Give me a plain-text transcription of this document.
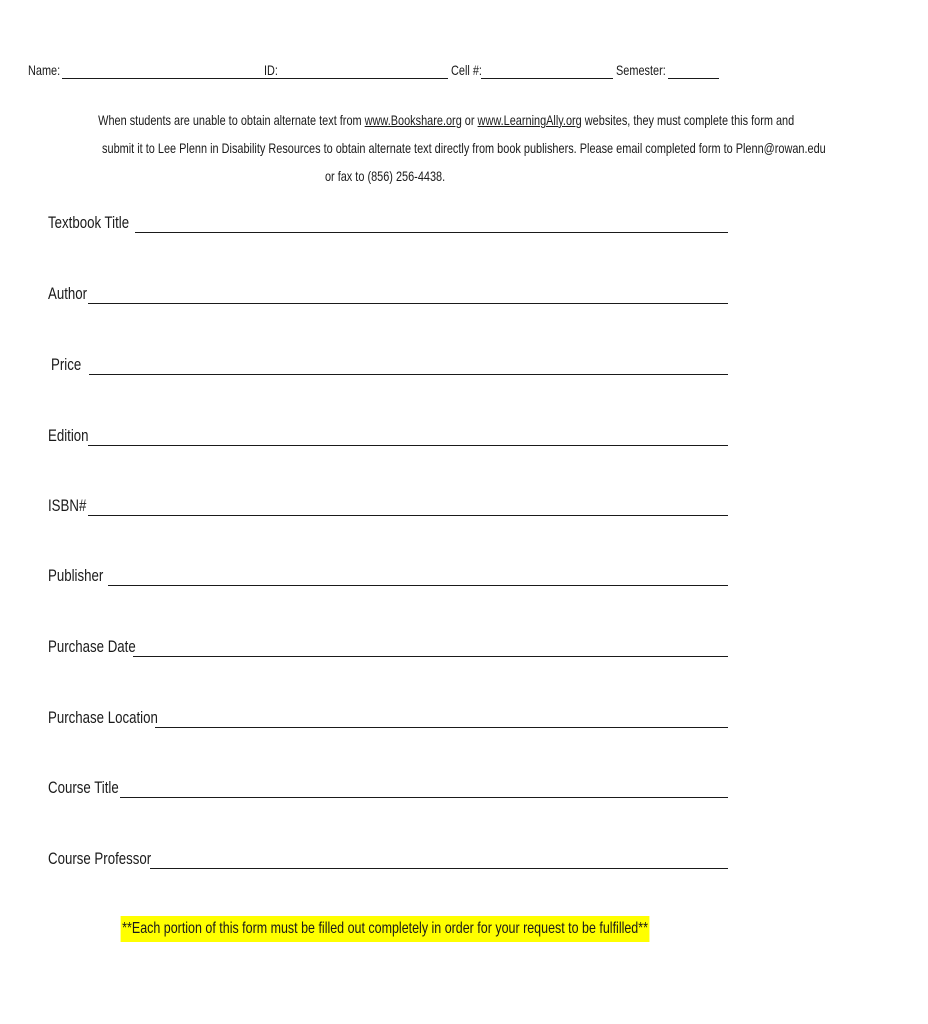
Name:	ID:	Cell #:	Semester:
When students are unable to obtain alternate text from www.Bookshare.org or www.LearningAlly.org websites, they must complete this form and
submit it to Lee Plenn in Disability Resources to obtain alternate text directly from book publishers. Please email completed form to Plenn@rowan.edu
or fax to (856) 256-4438.
Textbook Title
Author
Price
Edition
ISBN#
Publisher
Purchase Date
Purchase Location
Course Title
Course Professor
**Each portion of this form must be filled out completely in order for your request to be fulfilled**
